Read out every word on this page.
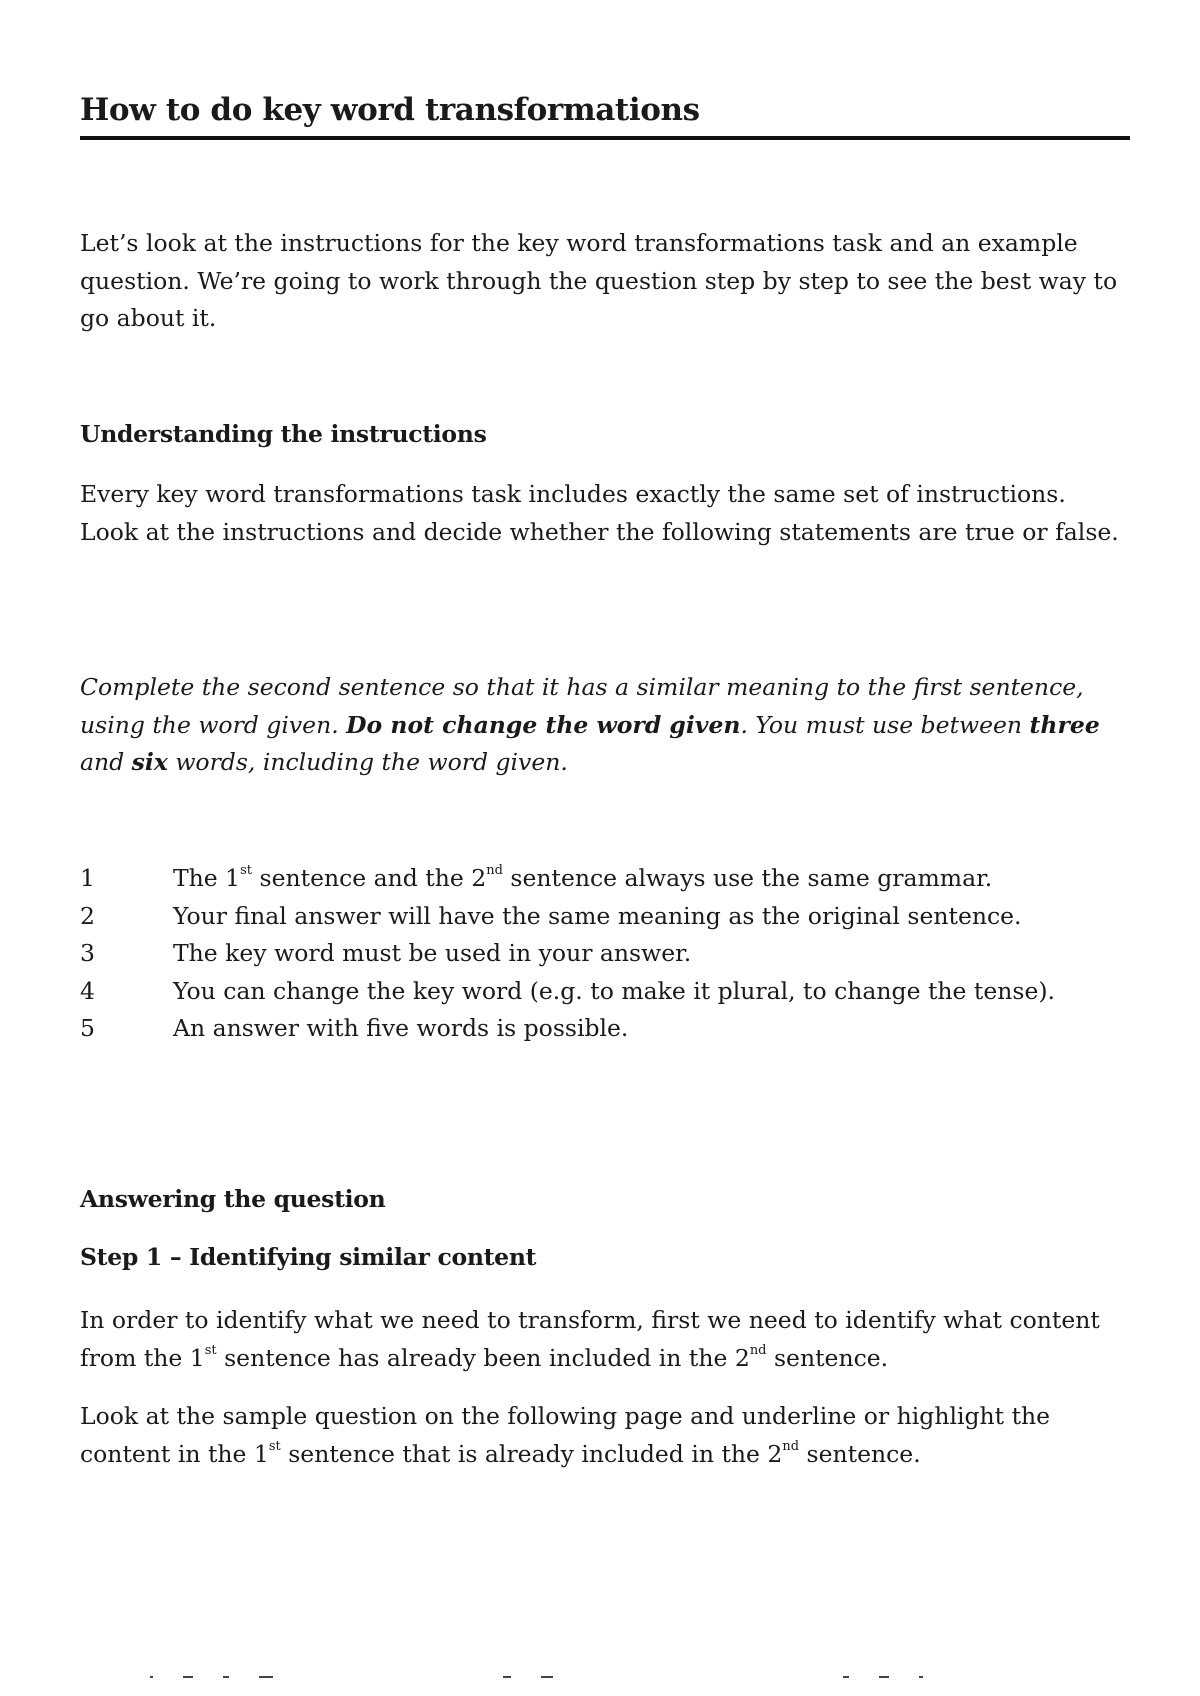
How to do key word transformations

Let’s look at the instructions for the key word transformations task and an example question. We’re going to work through the question step by step to see the best way to go about it.

Understanding the instructions

Every key word transformations task includes exactly the same set of instructions. Look at the instructions and decide whether the following statements are true or false.

Complete the second sentence so that it has a similar meaning to the first sentence, using the word given. Do not change the word given. You must use between three and six words, including the word given.

1	The 1st sentence and the 2nd sentence always use the same grammar.
2	Your final answer will have the same meaning as the original sentence.
3	The key word must be used in your answer.
4	You can change the key word (e.g. to make it plural, to change the tense).
5	An answer with five words is possible.
Answering the question
Step 1 – Identifying similar content

In order to identify what we need to transform, first we need to identify what content from the 1st sentence has already been included in the 2nd sentence.

Look at the sample question on the following page and underline or highlight the content in the 1st sentence that is already included in the 2nd sentence.
